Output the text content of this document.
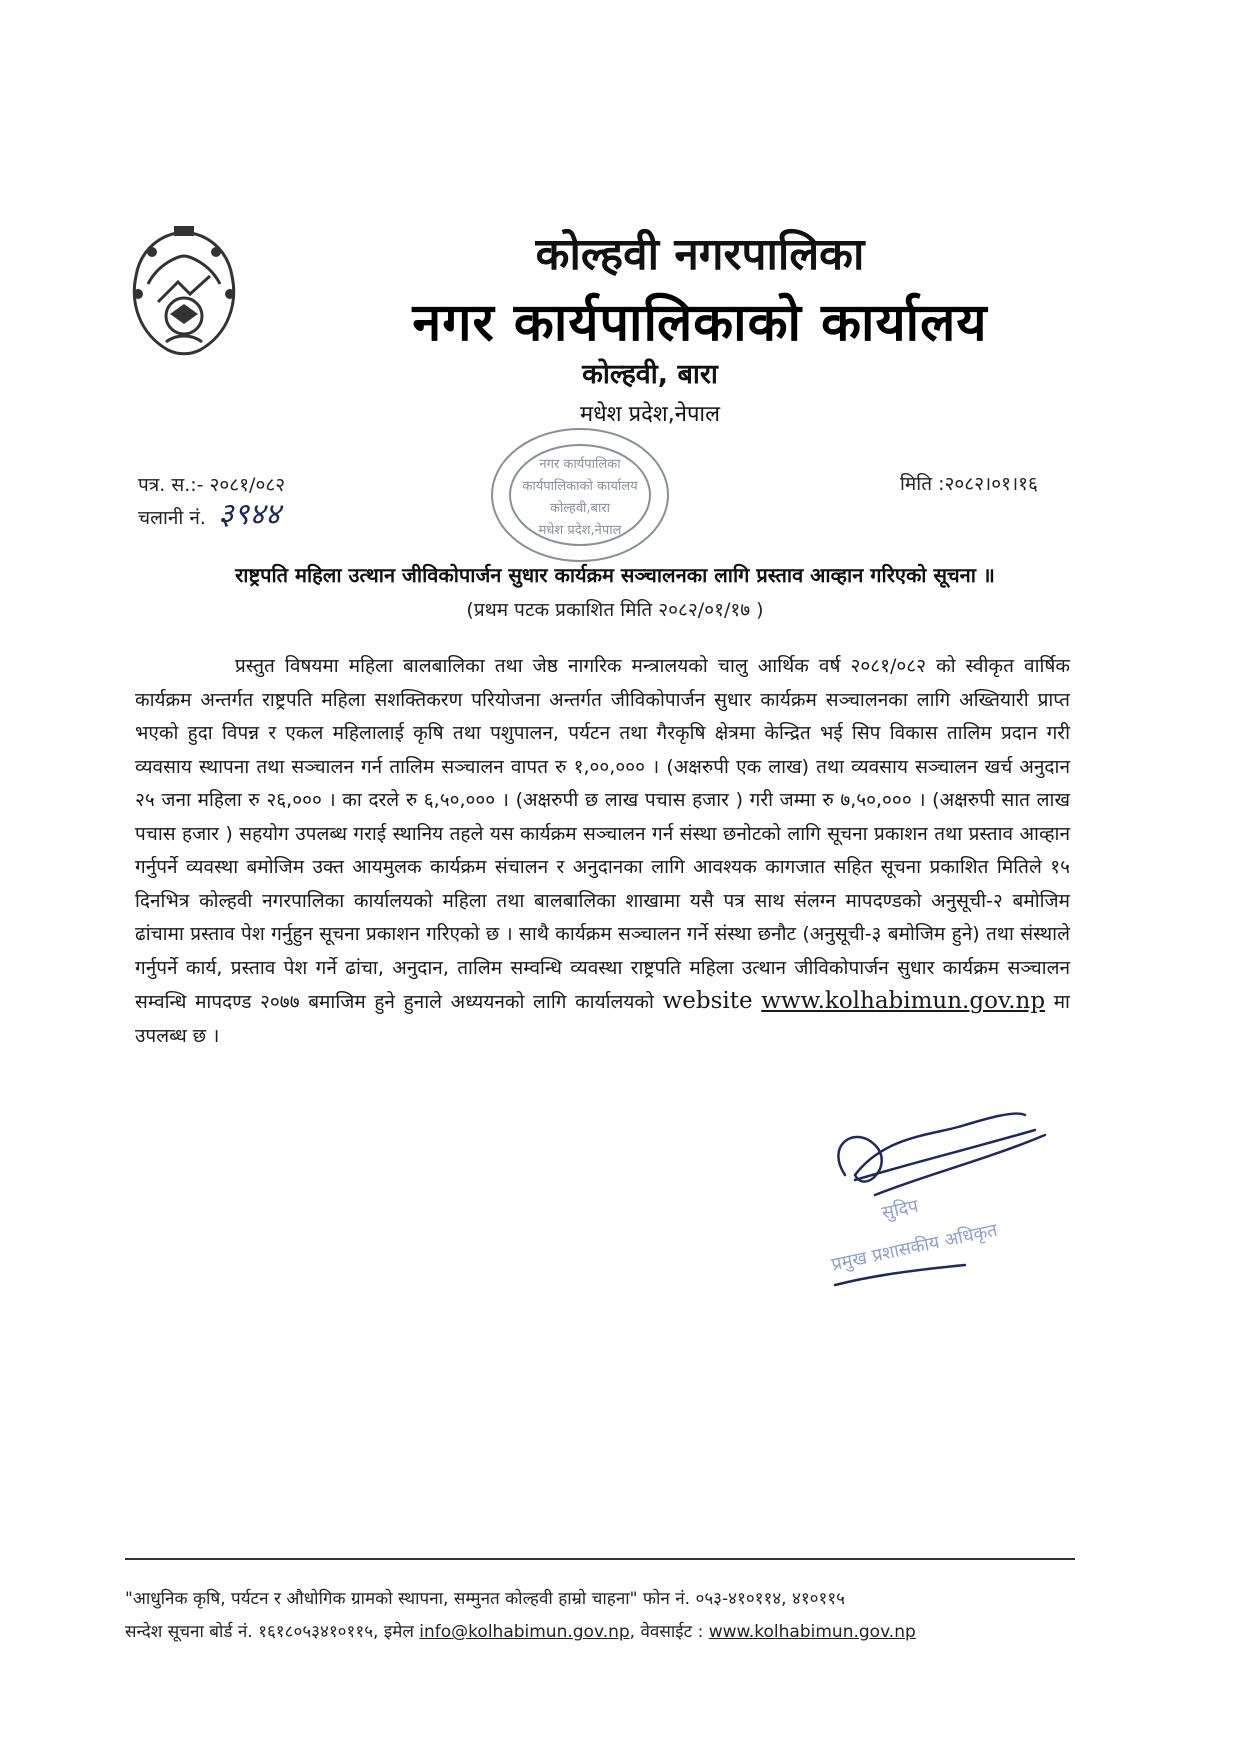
कोल्हवी नगरपालिका
नगर कार्यपालिकाको कार्यालय
कोल्हवी, बारा
मधेश प्रदेश,नेपाल
नगर कार्यपालिका
कार्यपालिकाको कार्यालय
कोल्हवी,बारा
मधेश प्रदेश,नेपाल
पत्र. स.:- २०८१/०८२
चलानी नं. ३९४४
मिति :२०८२।०१।१६
राष्ट्रपति महिला उत्थान जीविकोपार्जन सुधार कार्यक्रम सञ्चालनका लागि प्रस्ताव आव्हान गरिएको सूचना ॥
(प्रथम पटक प्रकाशित मिति २०८२/०१/१७ )
प्रस्तुत विषयमा महिला बालबालिका तथा जेष्ठ नागरिक मन्त्रालयको चालु आर्थिक वर्ष २०८१/०८२ को स्वीकृत वार्षिक कार्यक्रम अन्तर्गत राष्ट्रपति महिला सशक्तिकरण परियोजना अन्तर्गत जीविकोपार्जन सुधार कार्यक्रम सञ्चालनका लागि अख्तियारी प्राप्त भएको हुदा विपन्न र एकल महिलालाई कृषि तथा पशुपालन, पर्यटन तथा गैरकृषि क्षेत्रमा केन्द्रित भई सिप विकास तालिम प्रदान गरी व्यवसाय स्थापना तथा सञ्चालन गर्न तालिम सञ्चालन वापत रु १,००,००० । (अक्षरुपी एक लाख) तथा व्यवसाय सञ्चालन खर्च अनुदान २५ जना महिला रु २६,००० । का दरले रु ६,५०,००० । (अक्षरुपी छ लाख पचास हजार ) गरी जम्मा रु ७,५०,००० । (अक्षरुपी सात लाख पचास हजार ) सहयोग उपलब्ध गराई स्थानिय तहले यस कार्यक्रम सञ्चालन गर्न संस्था छनोटको लागि सूचना प्रकाशन तथा प्रस्ताव आव्हान गर्नुपर्ने व्यवस्था बमोजिम उक्त आयमुलक कार्यक्रम संचालन र अनुदानका लागि आवश्यक कागजात सहित सूचना प्रकाशित मितिले १५ दिनभित्र कोल्हवी नगरपालिका कार्यालयको महिला तथा बालबालिका शाखामा यसै पत्र साथ संलग्न मापदण्डको अनुसूची-२ बमोजिम ढांचामा प्रस्ताव पेश गर्नुहुन सूचना प्रकाशन गरिएको छ । साथै कार्यक्रम सञ्चालन गर्ने संस्था छनौट (अनुसूची-३ बमोजिम हुने) तथा संस्थाले गर्नुपर्ने कार्य, प्रस्ताव पेश गर्ने ढांचा, अनुदान, तालिम सम्वन्धि व्यवस्था राष्ट्रपति महिला उत्थान जीविकोपार्जन सुधार कार्यक्रम सञ्चालन सम्वन्धि मापदण्ड २०७७ बमाजिम हुने हुनाले अध्ययनको लागि कार्यालयको website www.kolhabimun.gov.np मा उपलब्ध छ ।
सुदिप
प्रमुख प्रशासकीय अधिकृत
"आधुनिक कृषि, पर्यटन र औधोगिक ग्रामको स्थापना, सम्मुनत कोल्हवी हाम्रो चाहना" फोन नं. ०५३-४१०११४, ४१०११५
सन्देश सूचना बोर्ड नं. १६१८०५३४१०११५, इमेल info@kolhabimun.gov.np, वेवसाईट : www.kolhabimun.gov.np
